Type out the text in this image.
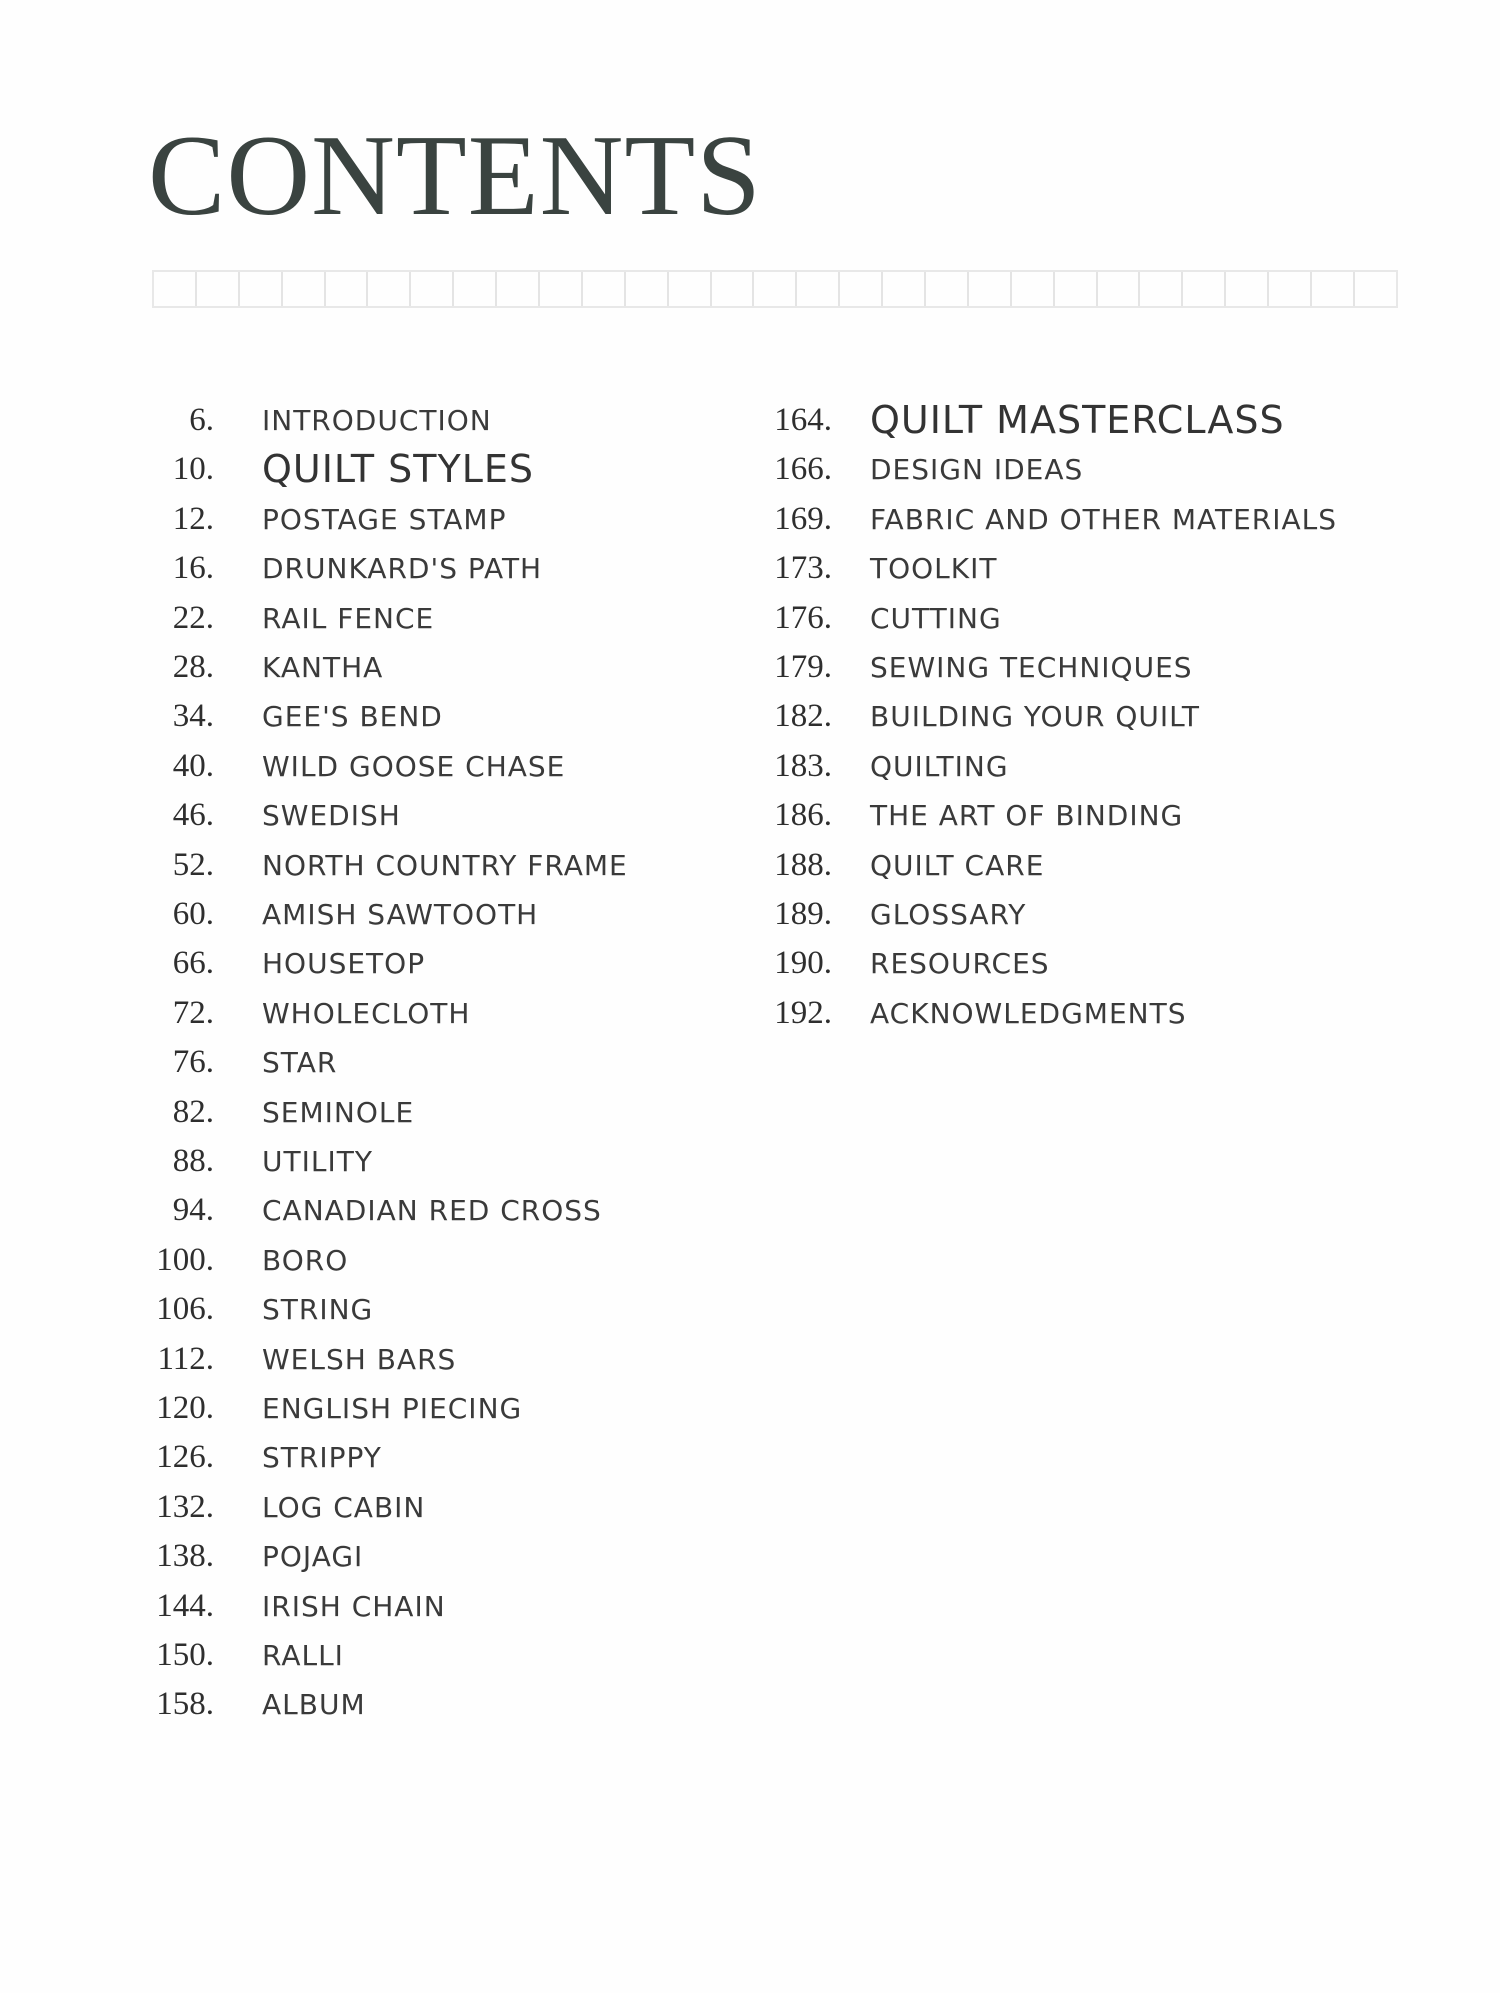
CONTENTS
6. INTRODUCTION
10. QUILT STYLES
12. POSTAGE STAMP
16. DRUNKARD'S PATH
22. RAIL FENCE
28. KANTHA
34. GEE'S BEND
40. WILD GOOSE CHASE
46. SWEDISH
52. NORTH COUNTRY FRAME
60. AMISH SAWTOOTH
66. HOUSETOP
72. WHOLECLOTH
76. STAR
82. SEMINOLE
88. UTILITY
94. CANADIAN RED CROSS
100. BORO
106. STRING
112. WELSH BARS
120. ENGLISH PIECING
126. STRIPPY
132. LOG CABIN
138. POJAGI
144. IRISH CHAIN
150. RALLI
158. ALBUM
164. QUILT MASTERCLASS
166. DESIGN IDEAS
169. FABRIC AND OTHER MATERIALS
173. TOOLKIT
176. CUTTING
179. SEWING TECHNIQUES
182. BUILDING YOUR QUILT
183. QUILTING
186. THE ART OF BINDING
188. QUILT CARE
189. GLOSSARY
190. RESOURCES
192. ACKNOWLEDGMENTS
